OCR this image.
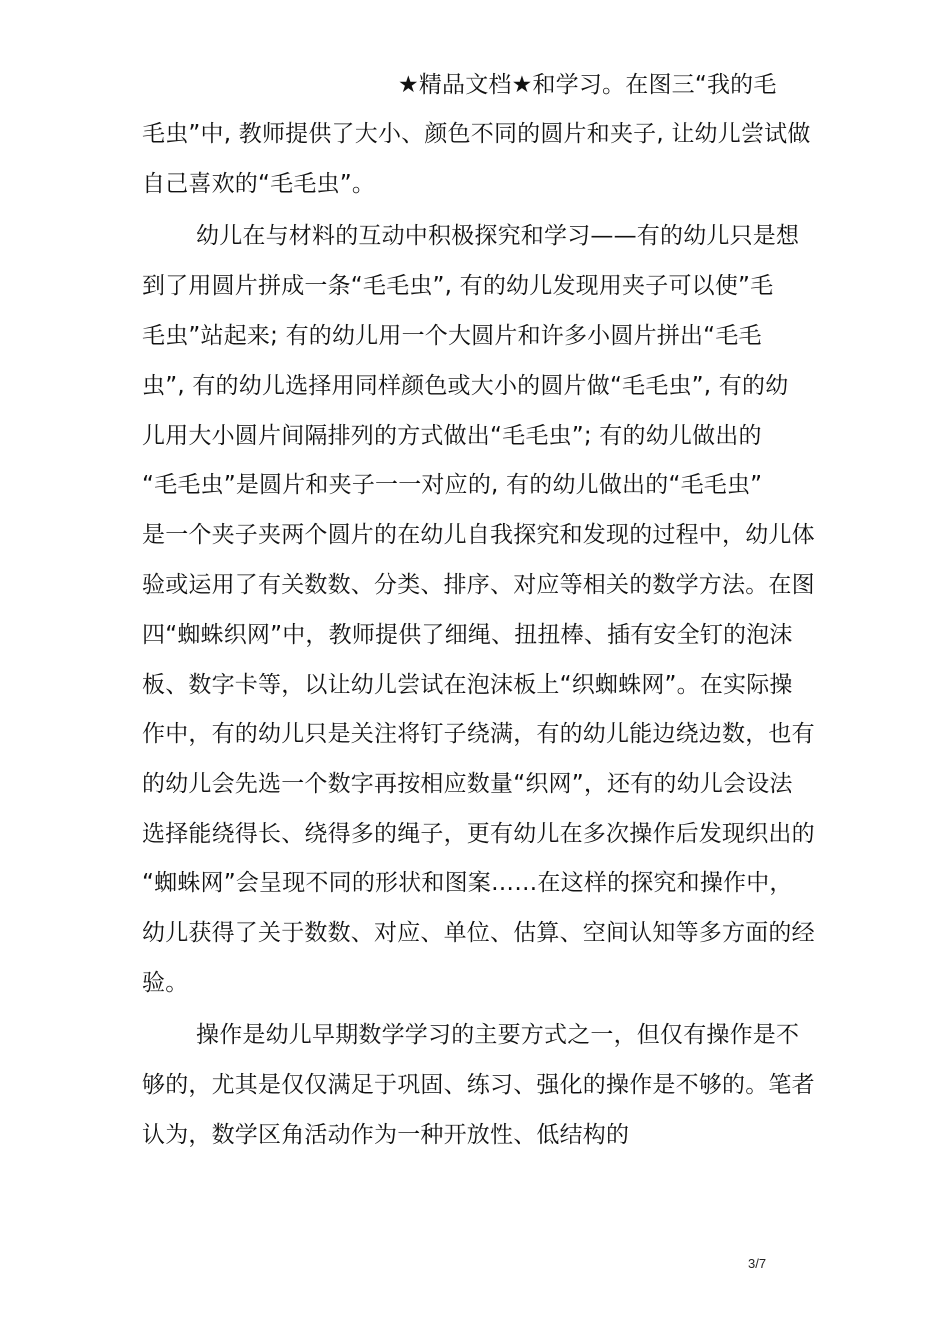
★精品文档★和学习。在图三“我的毛
毛虫”中, 教师提供了大小、颜色不同的圆片和夹子, 让幼儿尝试做
自己喜欢的“毛毛虫”。
幼儿在与材料的互动中积极探究和学习——有的幼儿只是想
到了用圆片拼成一条“毛毛虫”, 有的幼儿发现用夹子可以使”毛
毛虫”站起来; 有的幼儿用一个大圆片和许多小圆片拼出“毛毛
虫”, 有的幼儿选择用同样颜色或大小的圆片做“毛毛虫”, 有的幼
儿用大小圆片间隔排列的方式做出“毛毛虫”; 有的幼儿做出的
“毛毛虫”是圆片和夹子一一对应的, 有的幼儿做出的“毛毛虫”
是一个夹子夹两个圆片的在幼儿自我探究和发现的过程中，幼儿体
验或运用了有关数数、分类、排序、对应等相关的数学方法。在图
四“蜘蛛织网”中，教师提供了细绳、扭扭棒、插有安全钉的泡沫
板、数字卡等，以让幼儿尝试在泡沫板上“织蜘蛛网”。在实际操
作中，有的幼儿只是关注将钉子绕满，有的幼儿能边绕边数，也有
的幼儿会先选一个数字再按相应数量“织网”，还有的幼儿会设法
选择能绕得长、绕得多的绳子，更有幼儿在多次操作后发现织出的
“蜘蛛网”会呈现不同的形状和图案……在这样的探究和操作中，
幼儿获得了关于数数、对应、单位、估算、空间认知等多方面的经
验。
操作是幼儿早期数学学习的主要方式之一，但仅有操作是不
够的，尤其是仅仅满足于巩固、练习、强化的操作是不够的。笔者
认为，数学区角活动作为一种开放性、低结构的
3/7
